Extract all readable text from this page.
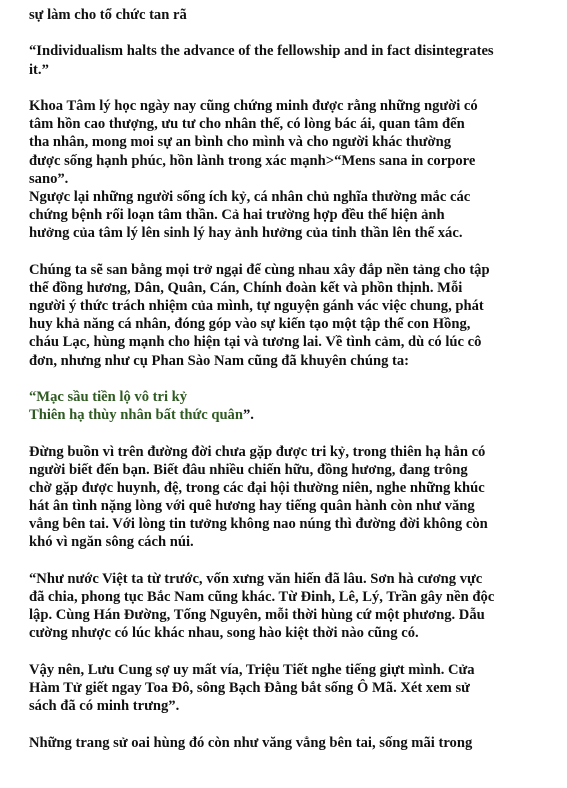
sự làm cho tổ chức tan rã
“Individualism halts the advance of the fellowship and in fact disintegrates
it.”
Khoa Tâm lý học ngày nay cũng chứng minh được rằng những người có
tâm hồn cao thượng, ưu tư cho nhân thế, có lòng bác ái, quan tâm đến
tha nhân, mong moi sự an bình cho mình và cho người khác thường
được sống hạnh phúc, hồn lành trong xác mạnh>“Mens sana in corpore
sano”.
Ngược lại những người sống ích kỷ, cá nhân chủ nghĩa thường mắc các
chứng bệnh rối loạn tâm thần. Cả hai trường hợp đều thể hiện ảnh
hưởng của tâm lý lên sinh lý hay ảnh hưởng của tinh thần lên thể xác.
Chúng ta sẽ san bằng mọi trở ngại để cùng nhau xây đắp nền tảng cho tập
thể đồng hương, Dân, Quân, Cán, Chính đoàn kết và phồn thịnh. Mỗi
người ý thức trách nhiệm của mình, tự nguyện gánh vác việc chung, phát
huy khả năng cá nhân, đóng góp vào sự kiến tạo một tập thể con Hồng,
cháu Lạc, hùng mạnh cho hiện tại và tương lai. Về tình cảm, dù có lúc cô
đơn, nhưng như cụ Phan Sào Nam cũng đã khuyên chúng ta:
“Mạc sầu tiền lộ vô tri kỷ
Thiên hạ thùy nhân bất thức quân”.
Đừng buồn vì trên đường đời chưa gặp được tri kỷ, trong thiên hạ hẳn có
người biết đến bạn. Biết đâu nhiều chiến hữu, đồng hương, đang trông
chờ gặp được huynh, đệ, trong các đại hội thường niên, nghe những khúc
hát ân tình nặng lòng với quê hương hay tiếng quân hành còn như văng
vẳng bên tai. Với lòng tin tưởng không nao núng thì đường đời không còn
khó vì ngăn sông cách núi.
“Như nước Việt ta từ trước, vốn xưng văn hiến đã lâu. Sơn hà cương vực
đã chia, phong tục Bắc Nam cũng khác. Từ Đinh, Lê, Lý, Trần gây nền độc
lập. Cùng Hán Đường, Tống Nguyên, mỗi thời hùng cứ một phương. Dẫu
cường nhược có lúc khác nhau, song hào kiệt thời nào cũng có.
Vậy nên, Lưu Cung sợ uy mất vía, Triệu Tiết nghe tiếng giựt mình. Cửa
Hàm Tử giết ngay Toa Đô, sông Bạch Đằng bắt sống Ô Mã. Xét xem sử
sách đã có minh trưng”.
Những trang sử oai hùng đó còn như văng vẳng bên tai, sống mãi trong
